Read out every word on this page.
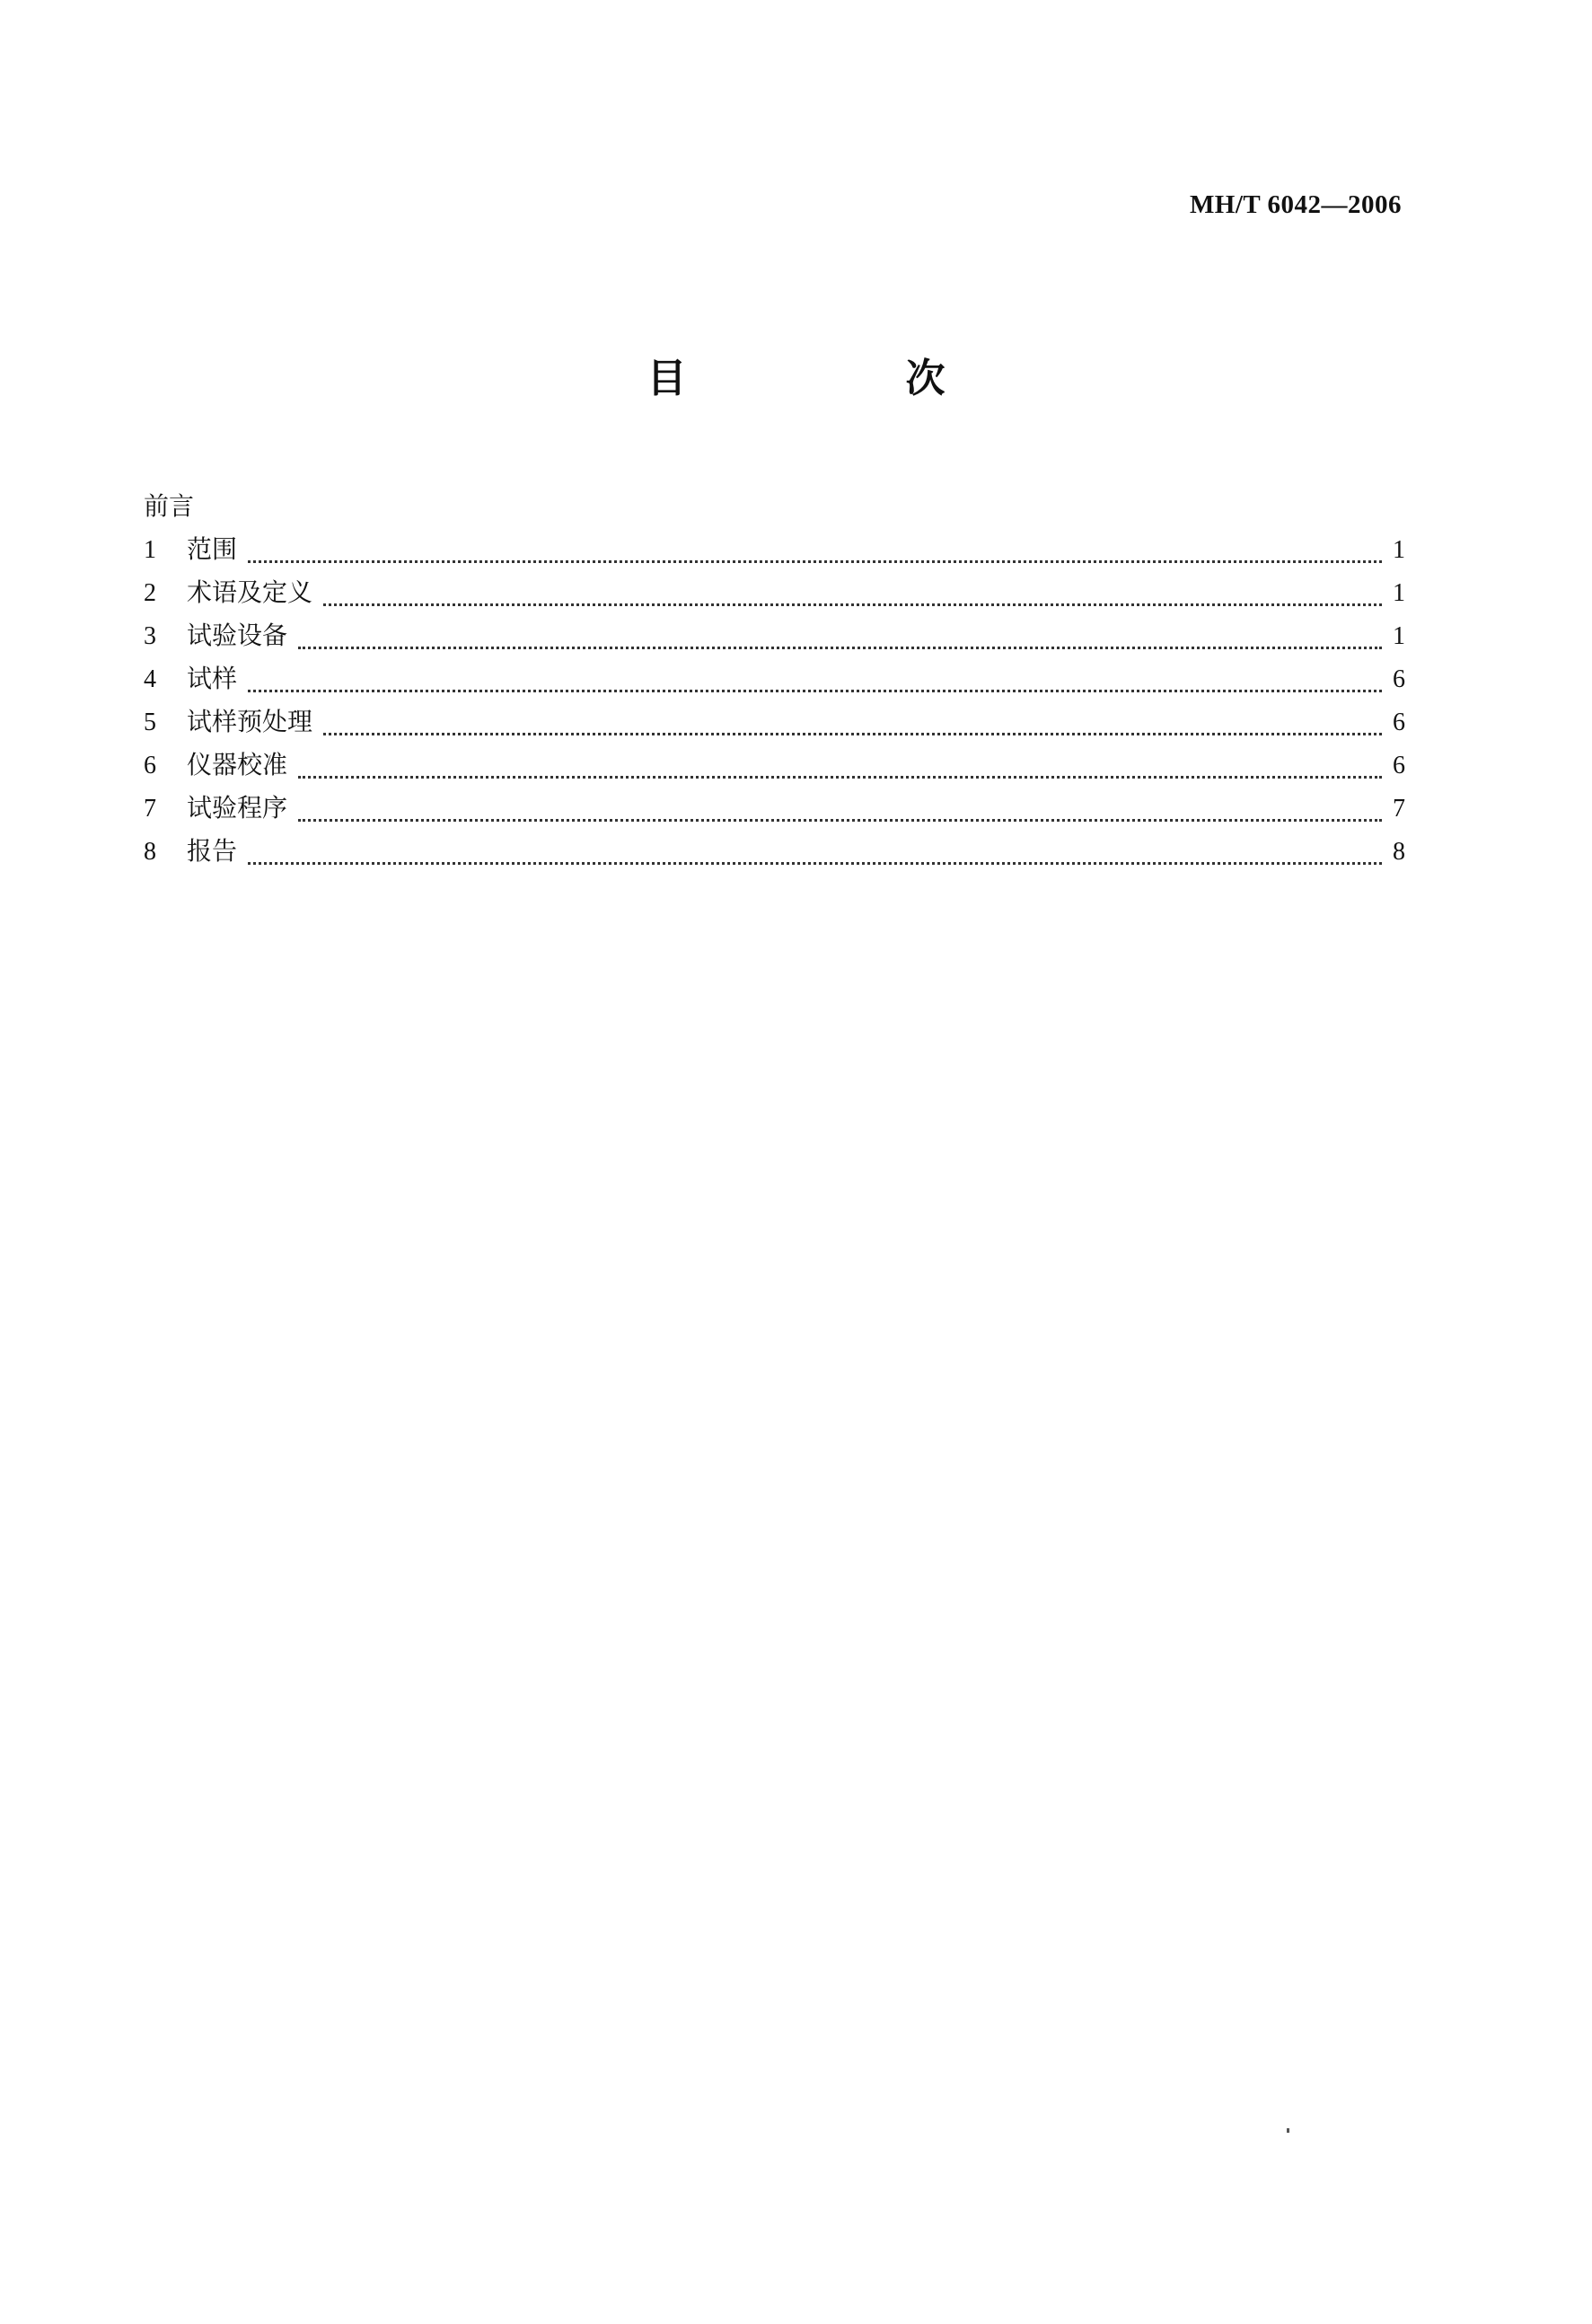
MH/T 6042—2006
目　次
前言
1	范围	1
2	术语及定义	1
3	试验设备	1
4	试样	6
5	试样预处理	6
6	仪器校准	6
7	试验程序	7
8	报告	8
